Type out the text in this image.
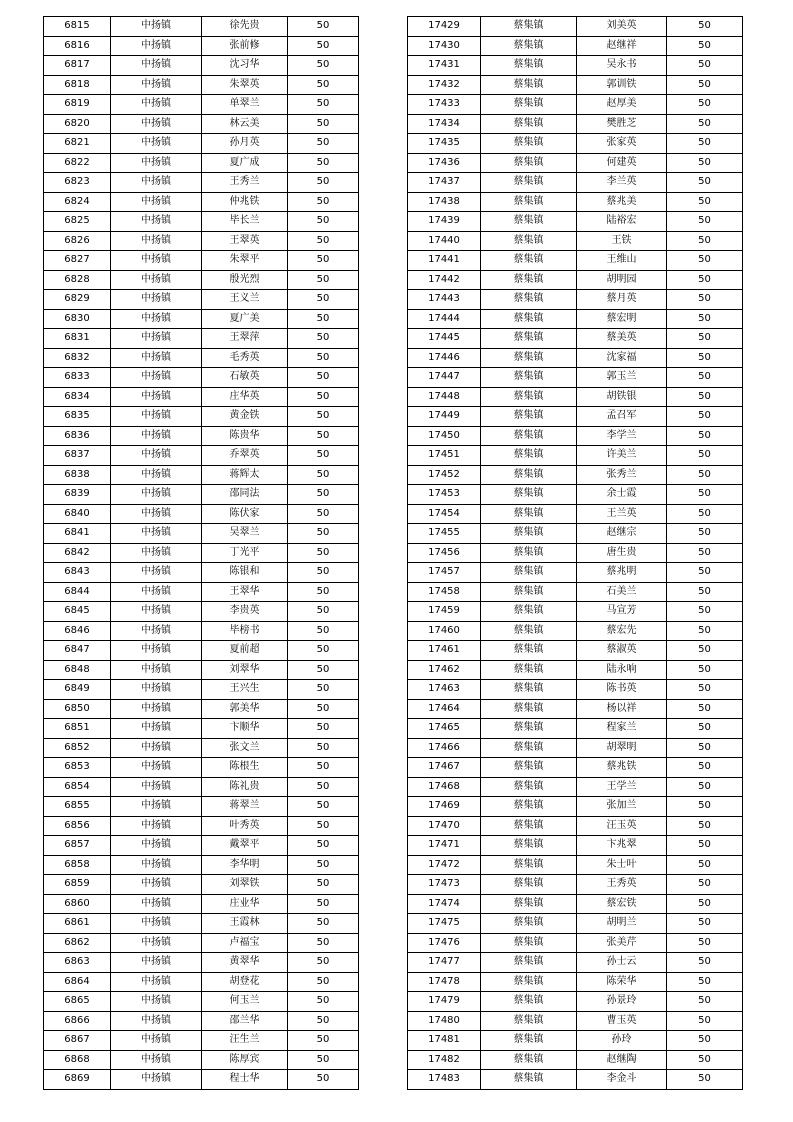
6815	中扬镇	徐先贵	50
6816	中扬镇	张前修	50
6817	中扬镇	沈习华	50
6818	中扬镇	朱翠英	50
6819	中扬镇	单翠兰	50
6820	中扬镇	林云美	50
6821	中扬镇	孙月英	50
6822	中扬镇	夏广成	50
6823	中扬镇	王秀兰	50
6824	中扬镇	仲兆铁	50
6825	中扬镇	毕长兰	50
6826	中扬镇	王翠英	50
6827	中扬镇	朱翠平	50
6828	中扬镇	殷光烈	50
6829	中扬镇	王义兰	50
6830	中扬镇	夏广美	50
6831	中扬镇	王翠萍	50
6832	中扬镇	毛秀英	50
6833	中扬镇	石敏英	50
6834	中扬镇	庄华英	50
6835	中扬镇	黄金铁	50
6836	中扬镇	陈贵华	50
6837	中扬镇	乔翠英	50
6838	中扬镇	蒋辉太	50
6839	中扬镇	邵同法	50
6840	中扬镇	陈伏家	50
6841	中扬镇	吴翠兰	50
6842	中扬镇	丁光平	50
6843	中扬镇	陈银和	50
6844	中扬镇	王翠华	50
6845	中扬镇	李贵英	50
6846	中扬镇	毕榜书	50
6847	中扬镇	夏前超	50
6848	中扬镇	刘翠华	50
6849	中扬镇	王兴生	50
6850	中扬镇	郭美华	50
6851	中扬镇	卞顺华	50
6852	中扬镇	张文兰	50
6853	中扬镇	陈根生	50
6854	中扬镇	陈礼贵	50
6855	中扬镇	蒋翠兰	50
6856	中扬镇	叶秀英	50
6857	中扬镇	戴翠平	50
6858	中扬镇	李华明	50
6859	中扬镇	刘翠铁	50
6860	中扬镇	庄业华	50
6861	中扬镇	王霞林	50
6862	中扬镇	卢福宝	50
6863	中扬镇	黄翠华	50
6864	中扬镇	胡登花	50
6865	中扬镇	何玉兰	50
6866	中扬镇	邵兰华	50
6867	中扬镇	汪生兰	50
6868	中扬镇	陈厚宾	50
6869	中扬镇	程士华	50
17429	蔡集镇	刘美英	50
17430	蔡集镇	赵继祥	50
17431	蔡集镇	吴永书	50
17432	蔡集镇	郭训铁	50
17433	蔡集镇	赵厚美	50
17434	蔡集镇	樊胜芝	50
17435	蔡集镇	张家英	50
17436	蔡集镇	何建英	50
17437	蔡集镇	李兰英	50
17438	蔡集镇	蔡兆美	50
17439	蔡集镇	陆裕宏	50
17440	蔡集镇	王铁	50
17441	蔡集镇	王维山	50
17442	蔡集镇	胡明园	50
17443	蔡集镇	蔡月英	50
17444	蔡集镇	蔡宏明	50
17445	蔡集镇	蔡美英	50
17446	蔡集镇	沈家福	50
17447	蔡集镇	郭玉兰	50
17448	蔡集镇	胡铁银	50
17449	蔡集镇	孟召军	50
17450	蔡集镇	李学兰	50
17451	蔡集镇	许美兰	50
17452	蔡集镇	张秀兰	50
17453	蔡集镇	余士霞	50
17454	蔡集镇	王兰英	50
17455	蔡集镇	赵继宗	50
17456	蔡集镇	唐生贵	50
17457	蔡集镇	蔡兆明	50
17458	蔡集镇	石美兰	50
17459	蔡集镇	马宣芳	50
17460	蔡集镇	蔡宏先	50
17461	蔡集镇	蔡淑英	50
17462	蔡集镇	陆永响	50
17463	蔡集镇	陈书英	50
17464	蔡集镇	杨以祥	50
17465	蔡集镇	程家兰	50
17466	蔡集镇	胡翠明	50
17467	蔡集镇	蔡兆铁	50
17468	蔡集镇	王学兰	50
17469	蔡集镇	张加兰	50
17470	蔡集镇	汪玉英	50
17471	蔡集镇	卞兆翠	50
17472	蔡集镇	朱士叶	50
17473	蔡集镇	王秀英	50
17474	蔡集镇	蔡宏铁	50
17475	蔡集镇	胡明兰	50
17476	蔡集镇	张美芹	50
17477	蔡集镇	孙士云	50
17478	蔡集镇	陈荣华	50
17479	蔡集镇	孙景玲	50
17480	蔡集镇	曹玉英	50
17481	蔡集镇	孙玲	50
17482	蔡集镇	赵继陶	50
17483	蔡集镇	李金斗	50
